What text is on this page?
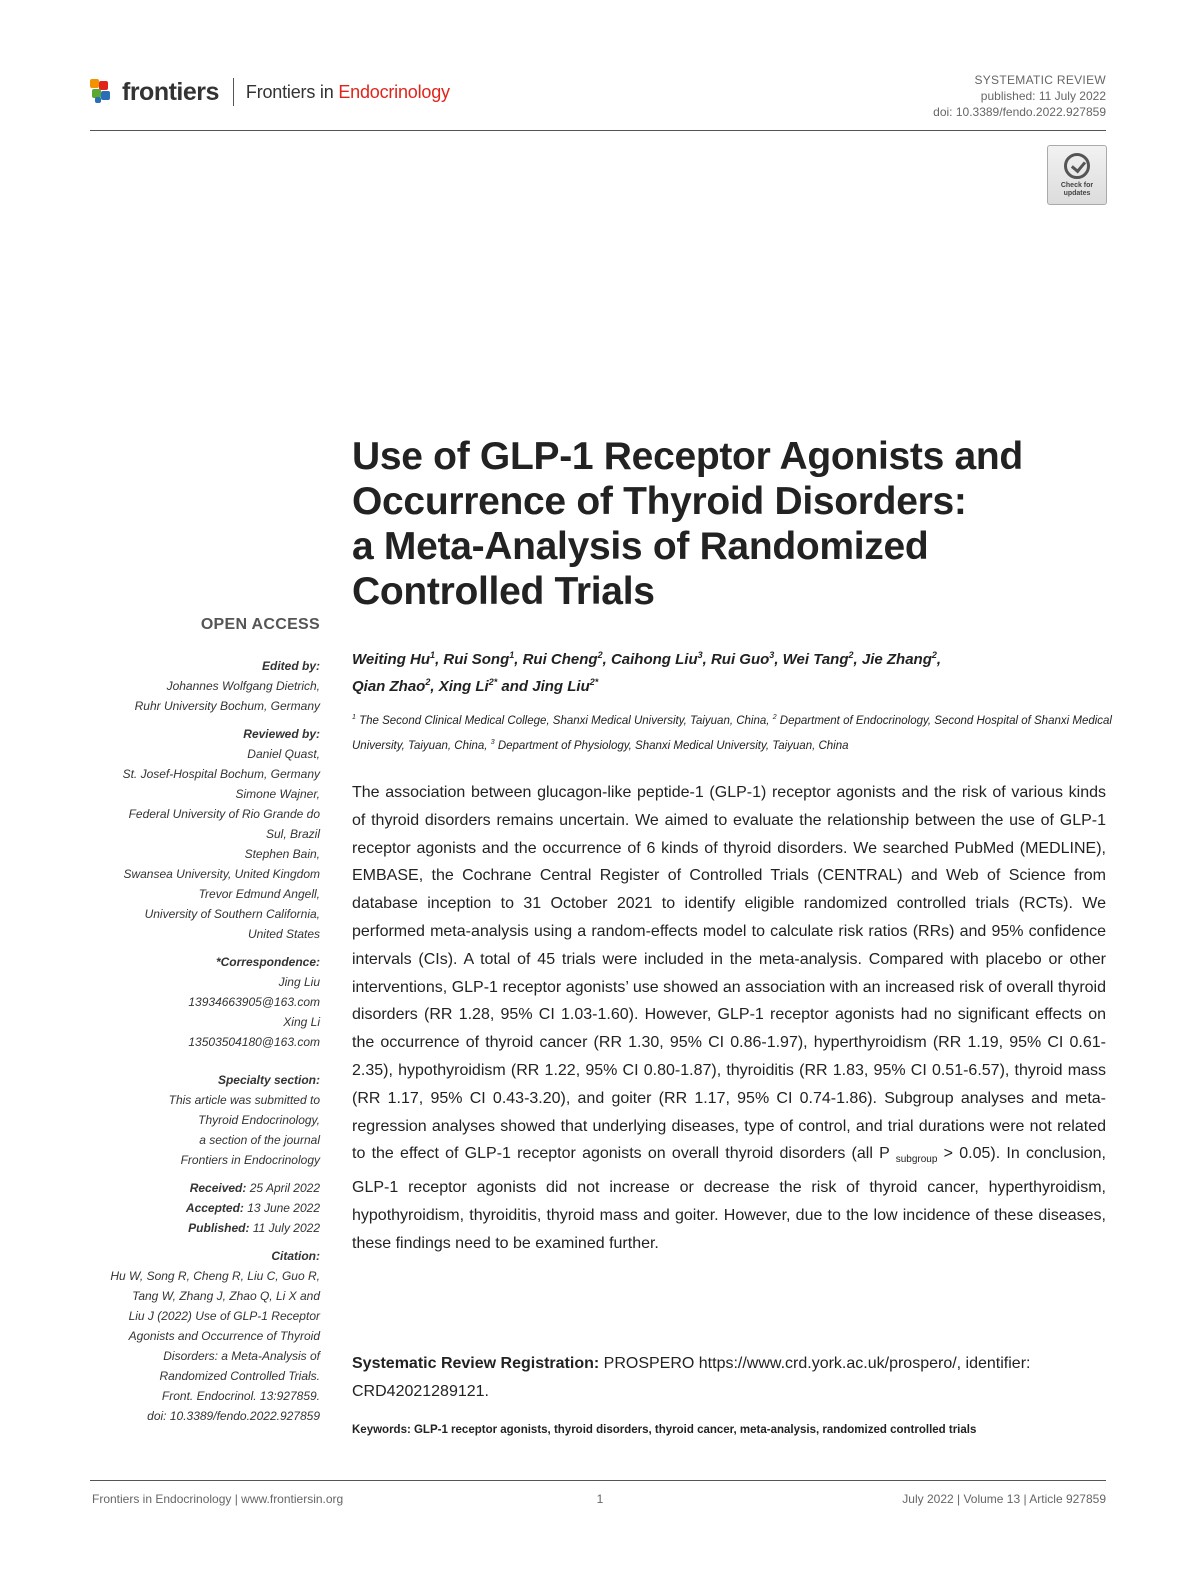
frontiers Frontiers in Endocrinology
SYSTEMATIC REVIEW
published: 11 July 2022
doi: 10.3389/fendo.2022.927859
Check for updates
Use of GLP-1 Receptor Agonists and
Occurrence of Thyroid Disorders:
a Meta-Analysis of Randomized
Controlled Trials
Weiting Hu$^1$, Rui Song$^1$, Rui Cheng$^2$, Caihong Liu$^3$, Rui Guo$^3$, Wei Tang$^2$, Jie Zhang$^2$,
Qian Zhao$^2$, Xing $Li^{2*}$ and Jing Liu$^{2*}$
$^1$ The Second Clinical Medical College, Shanxi Medical University, Taiyuan, China, $^2$ Department of Endocrinology, Second Hospital of Shanxi Medical University, Taiyuan, China, $^3$ Department of Physiology, Shanxi Medical University, Taiyuan, China

The association between glucagon-like peptide-1 (GLP-1) receptor agonists and the risk of various kinds of thyroid disorders remains uncertain. We aimed to evaluate the relationship between the use of GLP-1 receptor agonists and the occurrence of 6 kinds of thyroid disorders. We searched PubMed (MEDLINE), EMBASE, the Cochrane Central Register of Controlled Trials (CENTRAL) and Web of Science from database inception to 31 October 2021 to identify eligible randomized controlled trials (RCTs). We performed meta-analysis using a random-effects model to calculate risk ratios (RRs) and 95% confidence intervals (CIs). A total of 45 trials were included in the meta-analysis. Compared with placebo or other interventions, GLP-1 receptor agonists’ use showed an association with an increased risk of overall thyroid disorders (RR 1.28, 95% CI 1.03-1.60). However, GLP-1 receptor agonists had no significant effects on the occurrence of thyroid cancer (RR 1.30, 95% CI 0.86-1.97), hyperthyroidism (RR 1.19, 95% CI 0.61-2.35), hypothyroidism (RR 1.22, 95% CI 0.80-1.87), thyroiditis (RR 1.83, 95% CI 0.51-6.57), thyroid mass (RR 1.17, 95% CI 0.43-3.20), and goiter (RR 1.17, 95% CI 0.74-1.86). Subgroup analyses and meta-regression analyses showed that underlying diseases, type of control, and trial durations were not related to the effect of GLP-1 receptor agonists on overall thyroid disorders (all P $_{subgroup}$ > 0.05). In conclusion, GLP-1 receptor agonists did not increase or decrease the risk of thyroid cancer, hyperthyroidism, hypothyroidism, thyroiditis, thyroid mass and goiter. However, due to the low incidence of these diseases, these findings need to be examined further.

Systematic Review Registration: PROSPERO https://www.crd.york.ac.uk/prospero/, identifier: CRD42021289121.
Keywords: GLP-1 receptor agonists, thyroid disorders, thyroid cancer, meta-analysis, randomized controlled trials
OPEN ACCESS
Edited by:
Johannes Wolfgang Dietrich,
Ruhr University Bochum, Germany
Reviewed by:
Daniel Quast,
St. Josef-Hospital Bochum, Germany
Simone Wajner,
Federal University of Rio Grande do
Sul, Brazil
Stephen Bain,
Swansea University, United Kingdom
Trevor Edmund Angell,
University of Southern California,
United States
*Correspondence:
Jing Liu
13934663905@163.com
Xing Li
13503504180@163.com
Specialty section:
This article was submitted to
Thyroid Endocrinology,
a section of the journal
Frontiers in Endocrinology
Received: 25 April 2022
Accepted: 13 June 2022
Published: 11 July 2022
Citation:
Hu W, Song R, Cheng R, Liu C, Guo R,
Tang W, Zhang J, Zhao Q, Li X and
Liu J (2022) Use of GLP-1 Receptor
Agonists and Occurrence of Thyroid
Disorders: a Meta-Analysis of
Randomized Controlled Trials.
Front. Endocrinol. 13:927859.
doi: 10.3389/fendo.2022.927859
Frontiers in Endocrinology | www.frontiersin.org	1	July 2022 | Volume 13 | Article 927859
